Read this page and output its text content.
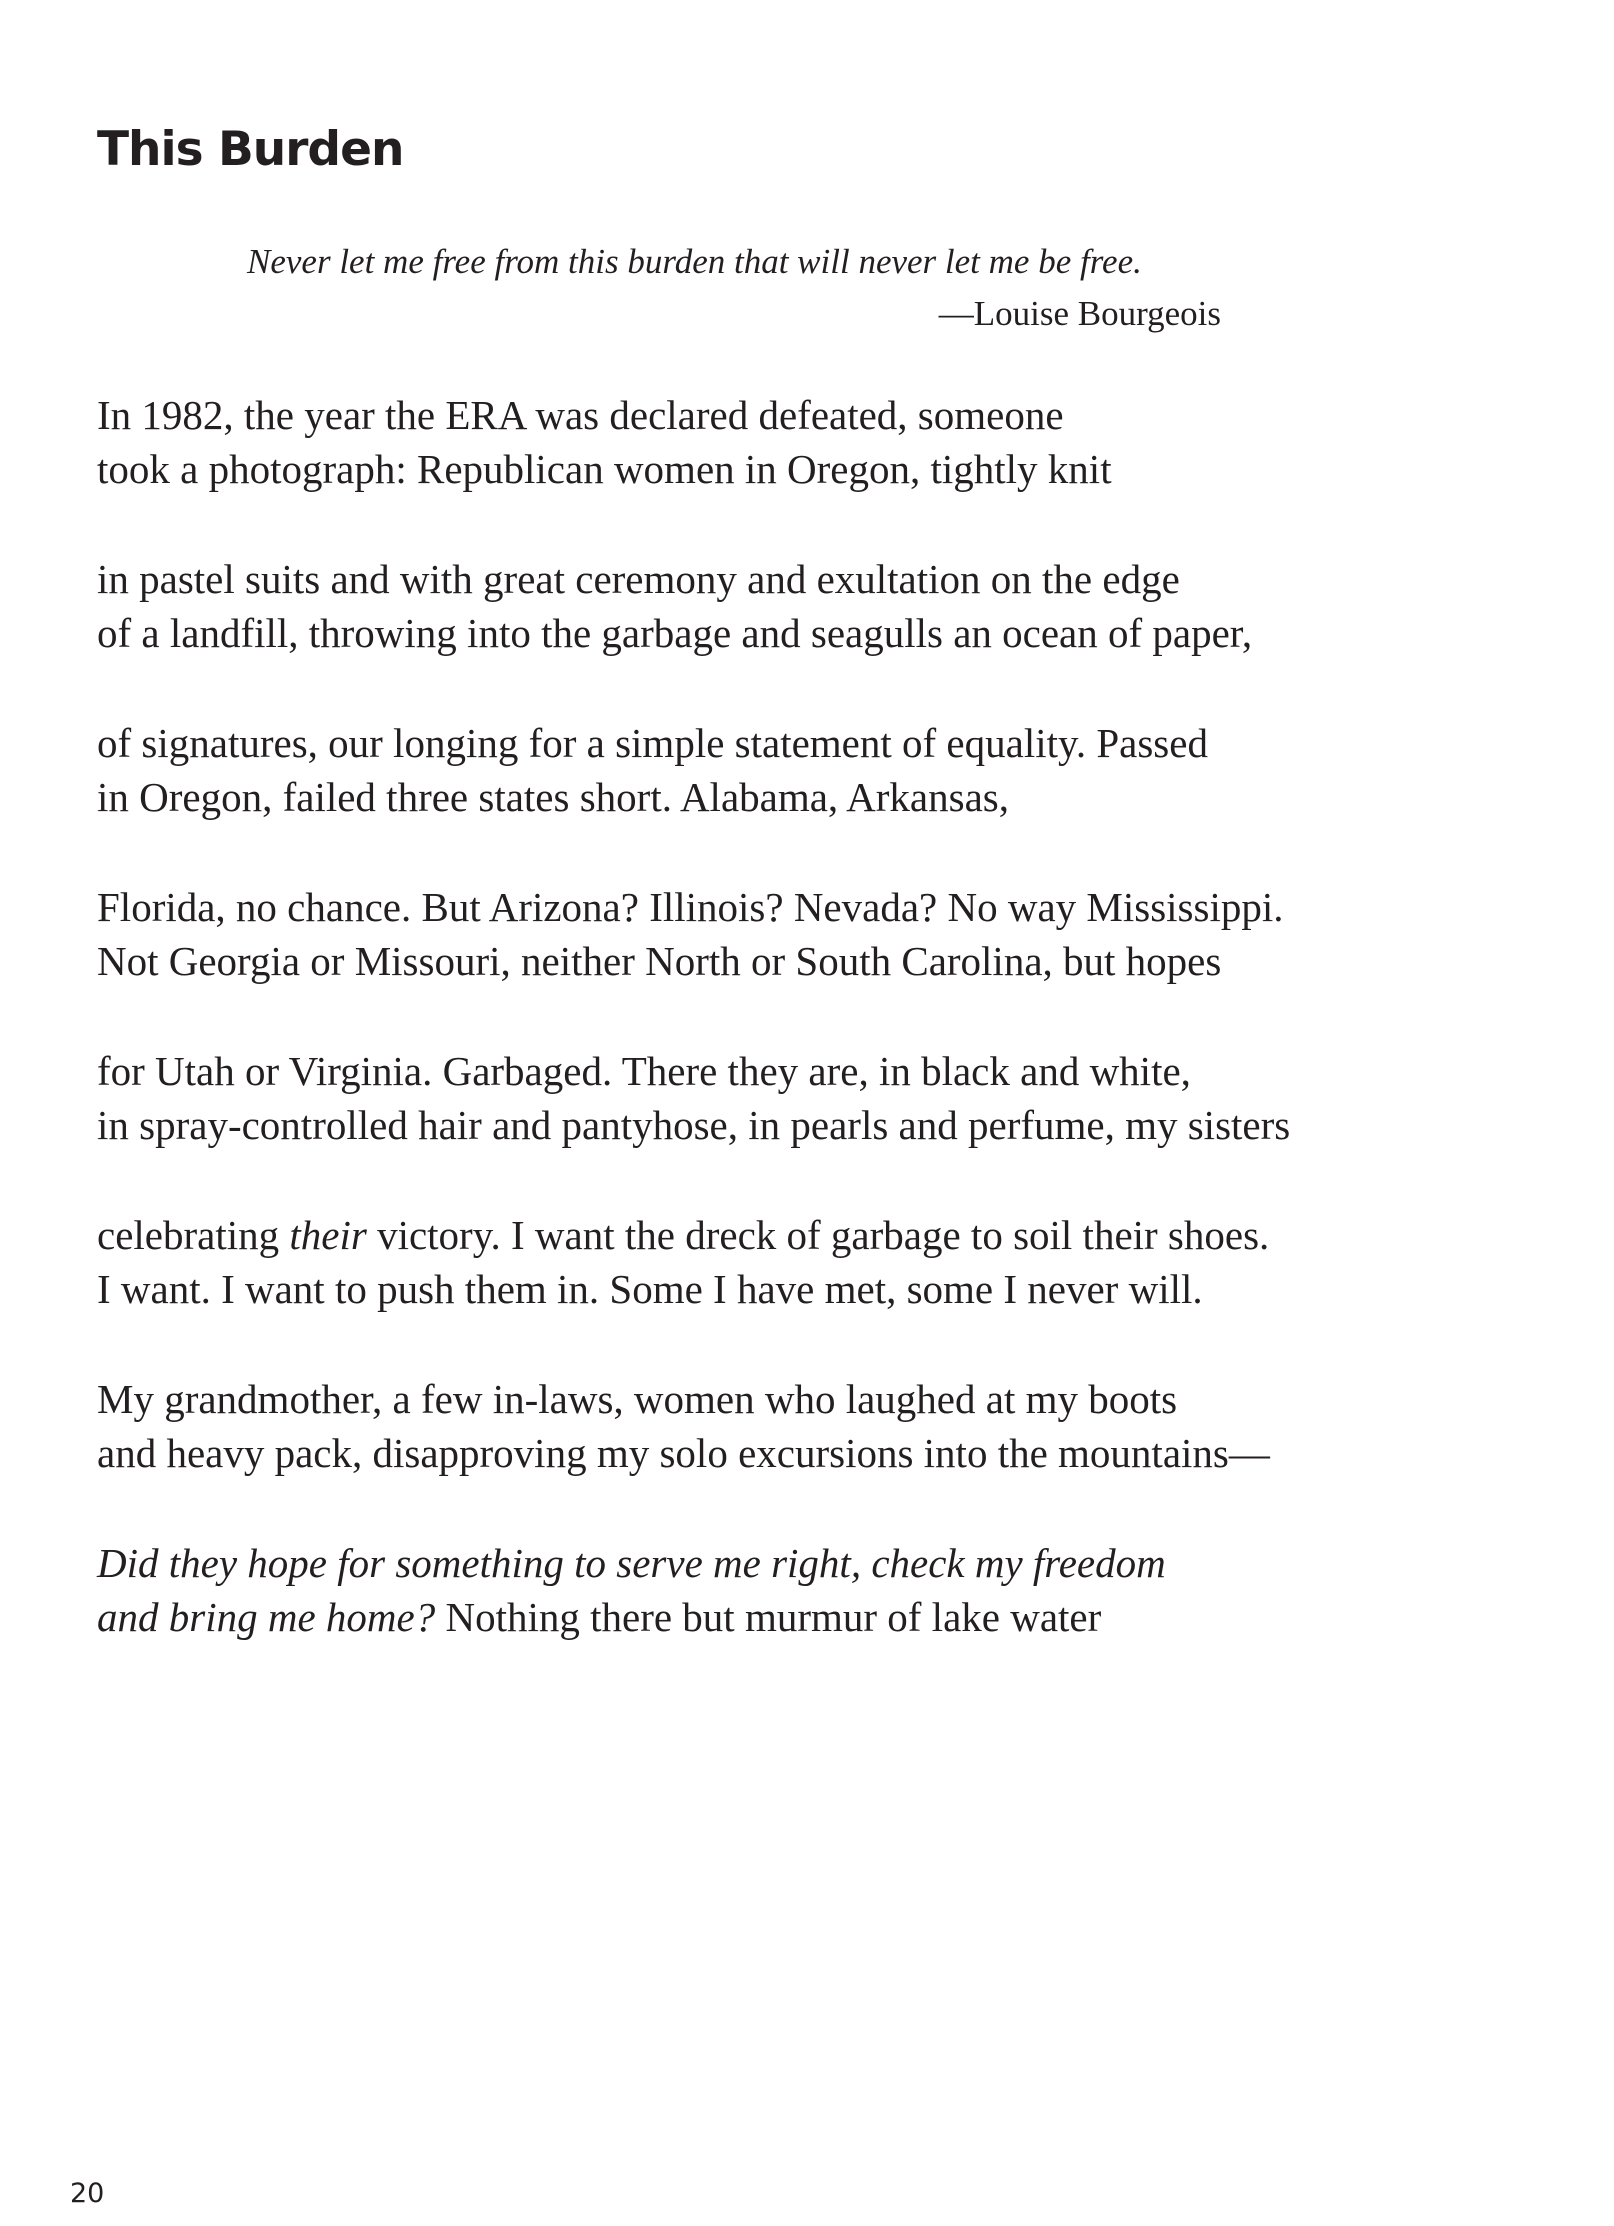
This Burden
Never let me free from this burden that will never let me be free.
—Louise Bourgeois
In 1982, the year the ERA was declared defeated, someone
took a photograph: Republican women in Oregon, tightly knit
in pastel suits and with great ceremony and exultation on the edge
of a landfill, throwing into the garbage and seagulls an ocean of paper,
of signatures, our longing for a simple statement of equality. Passed
in Oregon, failed three states short. Alabama, Arkansas,
Florida, no chance. But Arizona? Illinois? Nevada? No way Mississippi.
Not Georgia or Missouri, neither North or South Carolina, but hopes
for Utah or Virginia. Garbaged. There they are, in black and white,
in spray-controlled hair and pantyhose, in pearls and perfume, my sisters
celebrating their victory. I want the dreck of garbage to soil their shoes.
I want. I want to push them in. Some I have met, some I never will.
My grandmother, a few in-laws, women who laughed at my boots
and heavy pack, disapproving my solo excursions into the mountains—
Did they hope for something to serve me right, check my freedom
and bring me home? Nothing there but murmur of lake water
20
